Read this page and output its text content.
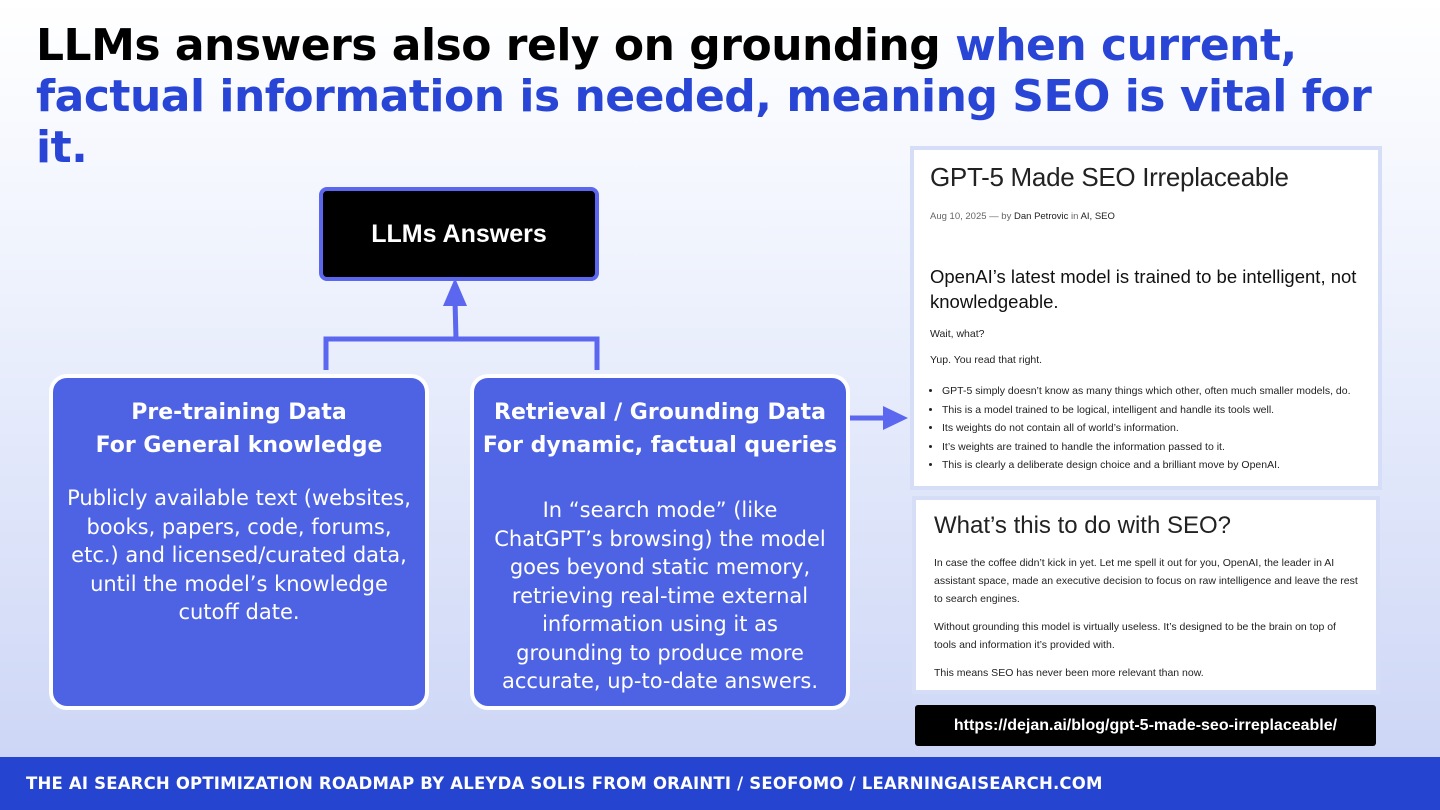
LLMs answers also rely on grounding when current, factual information is needed, meaning SEO is vital for it.
LLMs Answers
Pre-training Data
For General knowledge
Publicly available text (websites, books, papers, code, forums, etc.) and licensed/curated data, until the model’s knowledge cutoff date.
Retrieval / Grounding Data
For dynamic, factual queries
In “search mode” (like ChatGPT’s browsing) the model goes beyond static memory, retrieving real-time external information using it as grounding to produce more accurate, up-to-date answers.
GPT-5 Made SEO Irreplaceable
Aug 10, 2025 — by Dan Petrovic in AI, SEO
OpenAI’s latest model is trained to be intelligent, not knowledgeable.
Wait, what?
Yup. You read that right.
• GPT-5 simply doesn’t know as many things which other, often much smaller models, do.
• This is a model trained to be logical, intelligent and handle its tools well.
• Its weights do not contain all of world’s information.
• It’s weights are trained to handle the information passed to it.
• This is clearly a deliberate design choice and a brilliant move by OpenAI.
What’s this to do with SEO?
In case the coffee didn’t kick in yet. Let me spell it out for you, OpenAI, the leader in AI assistant space, made an executive decision to focus on raw intelligence and leave the rest to search engines.
Without grounding this model is virtually useless. It’s designed to be the brain on top of tools and information it’s provided with.
This means SEO has never been more relevant than now.
https://dejan.ai/blog/gpt-5-made-seo-irreplaceable/
THE AI SEARCH OPTIMIZATION ROADMAP BY ALEYDA SOLIS FROM ORAINTI / SEOFOMO / LEARNINGAISEARCH.COM
